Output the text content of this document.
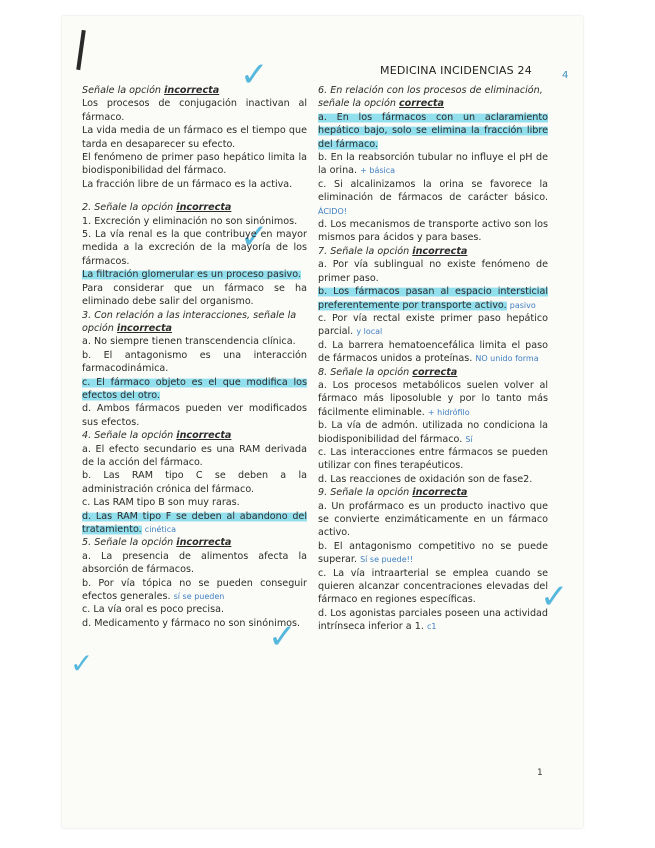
MEDICINA INCIDENCIAS 24	4
✓
✓
✓
✓
✓
Señale la opción incorrecta
Los procesos de conjugación inactivan al fármaco.
La vida media de un fármaco es el tiempo que tarda en desaparecer su efecto.
El fenómeno de primer paso hepático limita la biodisponibilidad del fármaco.
La fracción libre de un fármaco es la activa.
2. Señale la opción incorrecta
1. Excreción y eliminación no son sinónimos.
5. La vía renal es la que contribuye en mayor medida a la excreción de la mayoría de los fármacos.
La filtración glomerular es un proceso pasivo.
Para considerar que un fármaco se ha eliminado debe salir del organismo.
3. Con relación a las interacciones, señale la opción incorrecta
a. No siempre tienen transcendencia clínica.
b. El antagonismo es una interacción farmacodinámica.
c. El fármaco objeto es el que modifica los efectos del otro.
d. Ambos fármacos pueden ver modificados sus efectos.
4. Señale la opción incorrecta
a. El efecto secundario es una RAM derivada de la acción del fármaco.
b. Las RAM tipo C se deben a la administración crónica del fármaco.
c. Las RAM tipo B son muy raras.
d. Las RAM tipo F se deben al abandono del tratamiento. cinética
5. Señale la opción incorrecta
a. La presencia de alimentos afecta la absorción de fármacos.
b. Por vía tópica no se pueden conseguir efectos generales. sí se pueden
c. La vía oral es poco precisa.
d. Medicamento y fármaco no son sinónimos.
6. En relación con los procesos de eliminación, señale la opción correcta
a. En los fármacos con un aclaramiento hepático bajo, solo se elimina la fracción libre del fármaco.
b. En la reabsorción tubular no influye el pH de la orina. + básica
c. Si alcalinizamos la orina se favorece la eliminación de fármacos de carácter básico. ÁCIDO!
d. Los mecanismos de transporte activo son los mismos para ácidos y para bases.
7. Señale la opción incorrecta
a. Por vía sublingual no existe fenómeno de primer paso.
b. Los fármacos pasan al espacio intersticial preferentemente por transporte activo. pasivo
c. Por vía rectal existe primer paso hepático parcial. y local
d. La barrera hematoencefálica limita el paso de fármacos unidos a proteínas. NO unido forma
8. Señale la opción correcta
a. Los procesos metabólicos suelen volver al fármaco más liposoluble y por lo tanto más fácilmente eliminable. + hidrófilo
b. La vía de admón. utilizada no condiciona la biodisponibilidad del fármaco. Sí
c. Las interacciones entre fármacos se pueden utilizar con fines terapéuticos.
d. Las reacciones de oxidación son de fase2.
9. Señale la opción incorrecta
a. Un profármaco es un producto inactivo que se convierte enzimáticamente en un fármaco activo.
b. El antagonismo competitivo no se puede superar. Sí se puede!!
c. La vía intraarterial se emplea cuando se quieren alcanzar concentraciones elevadas del fármaco en regiones específicas.
d. Los agonistas parciales poseen una actividad intrínseca inferior a 1. c1
1
